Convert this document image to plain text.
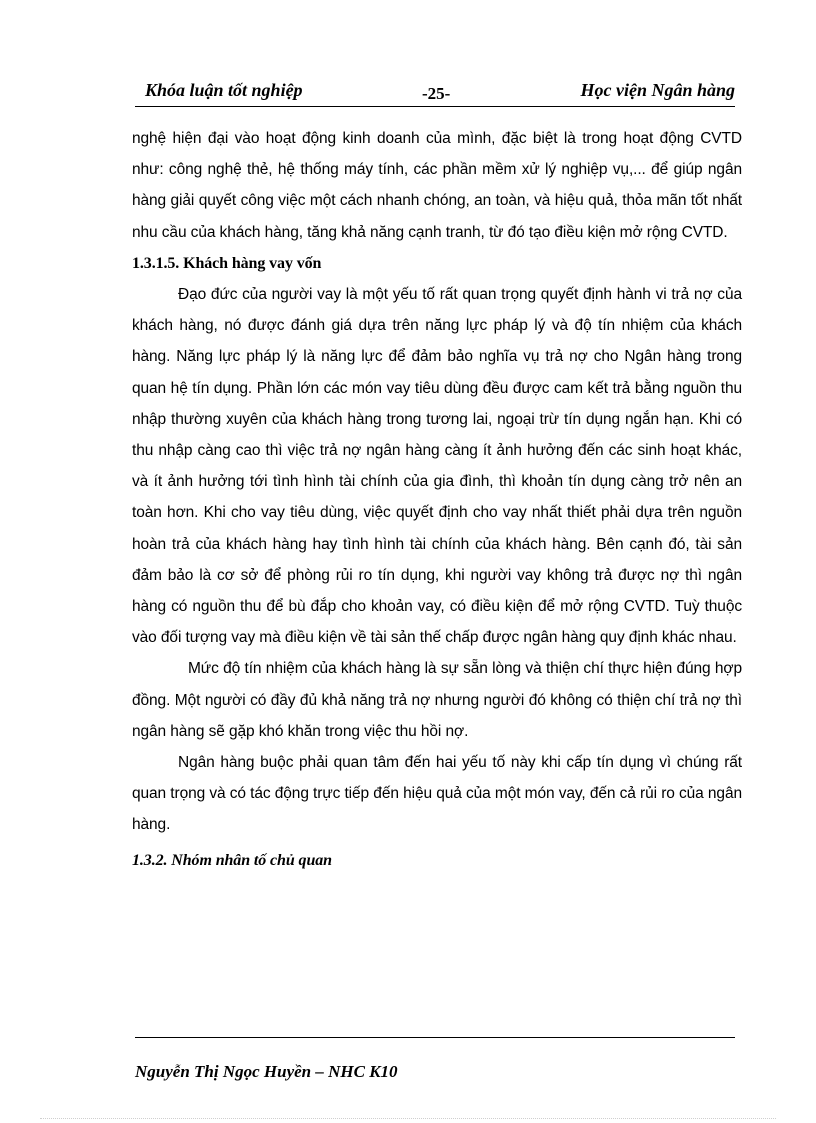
Khóa luận tốt nghiệp	-25-	Học viện Ngân hàng

nghệ hiện đại vào hoạt động kinh doanh của mình, đặc biệt là trong hoạt động CVTD như: công nghệ thẻ, hệ thống máy tính, các phần mềm xử lý nghiệp vụ,... để giúp ngân hàng giải quyết công việc một cách nhanh chóng, an toàn, và hiệu quả, thỏa mãn tốt nhất nhu cầu của khách hàng, tăng khả năng cạnh tranh, từ đó tạo điều kiện mở rộng CVTD.

1.3.1.5. Khách hàng vay vốn

Đạo đức của người vay là một yếu tố rất quan trọng quyết định hành vi trả nợ của khách hàng, nó được đánh giá dựa trên năng lực pháp lý và độ tín nhiệm của khách hàng. Năng lực pháp lý là năng lực để đảm bảo nghĩa vụ trả nợ cho Ngân hàng trong quan hệ tín dụng. Phần lớn các món vay tiêu dùng đều được cam kết trả bằng nguồn thu nhập thường xuyên của khách hàng trong tương lai, ngoại trừ tín dụng ngắn hạn. Khi có thu nhập càng cao thì việc trả nợ ngân hàng càng ít ảnh hưởng đến các sinh hoạt khác, và ít ảnh hưởng tới tình hình tài chính của gia đình, thì khoản tín dụng càng trở nên an toàn hơn. Khi cho vay tiêu dùng, việc quyết định cho vay nhất thiết phải dựa trên nguồn hoàn trả của khách hàng hay tình hình tài chính của khách hàng. Bên cạnh đó, tài sản đảm bảo là cơ sở để phòng rủi ro tín dụng, khi người vay không trả được nợ thì ngân hàng có nguồn thu để bù đắp cho khoản vay, có điều kiện để mở rộng CVTD. Tuỳ thuộc vào đối tượng vay mà điều kiện về tài sản thế chấp được ngân hàng quy định khác nhau.

Mức độ tín nhiệm của khách hàng là sự sẵn lòng và thiện chí thực hiện đúng hợp đồng. Một người có đầy đủ khả năng trả nợ nhưng người đó không có thiện chí trả nợ thì ngân hàng sẽ gặp khó khăn trong việc thu hồi nợ.

Ngân hàng buộc phải quan tâm đến hai yếu tố này khi cấp tín dụng vì chúng rất quan trọng và có tác động trực tiếp đến hiệu quả của một món vay, đến cả rủi ro của ngân hàng.

1.3.2. Nhóm nhân tố chủ quan

Nguyễn Thị Ngọc Huyền – NHC K10
